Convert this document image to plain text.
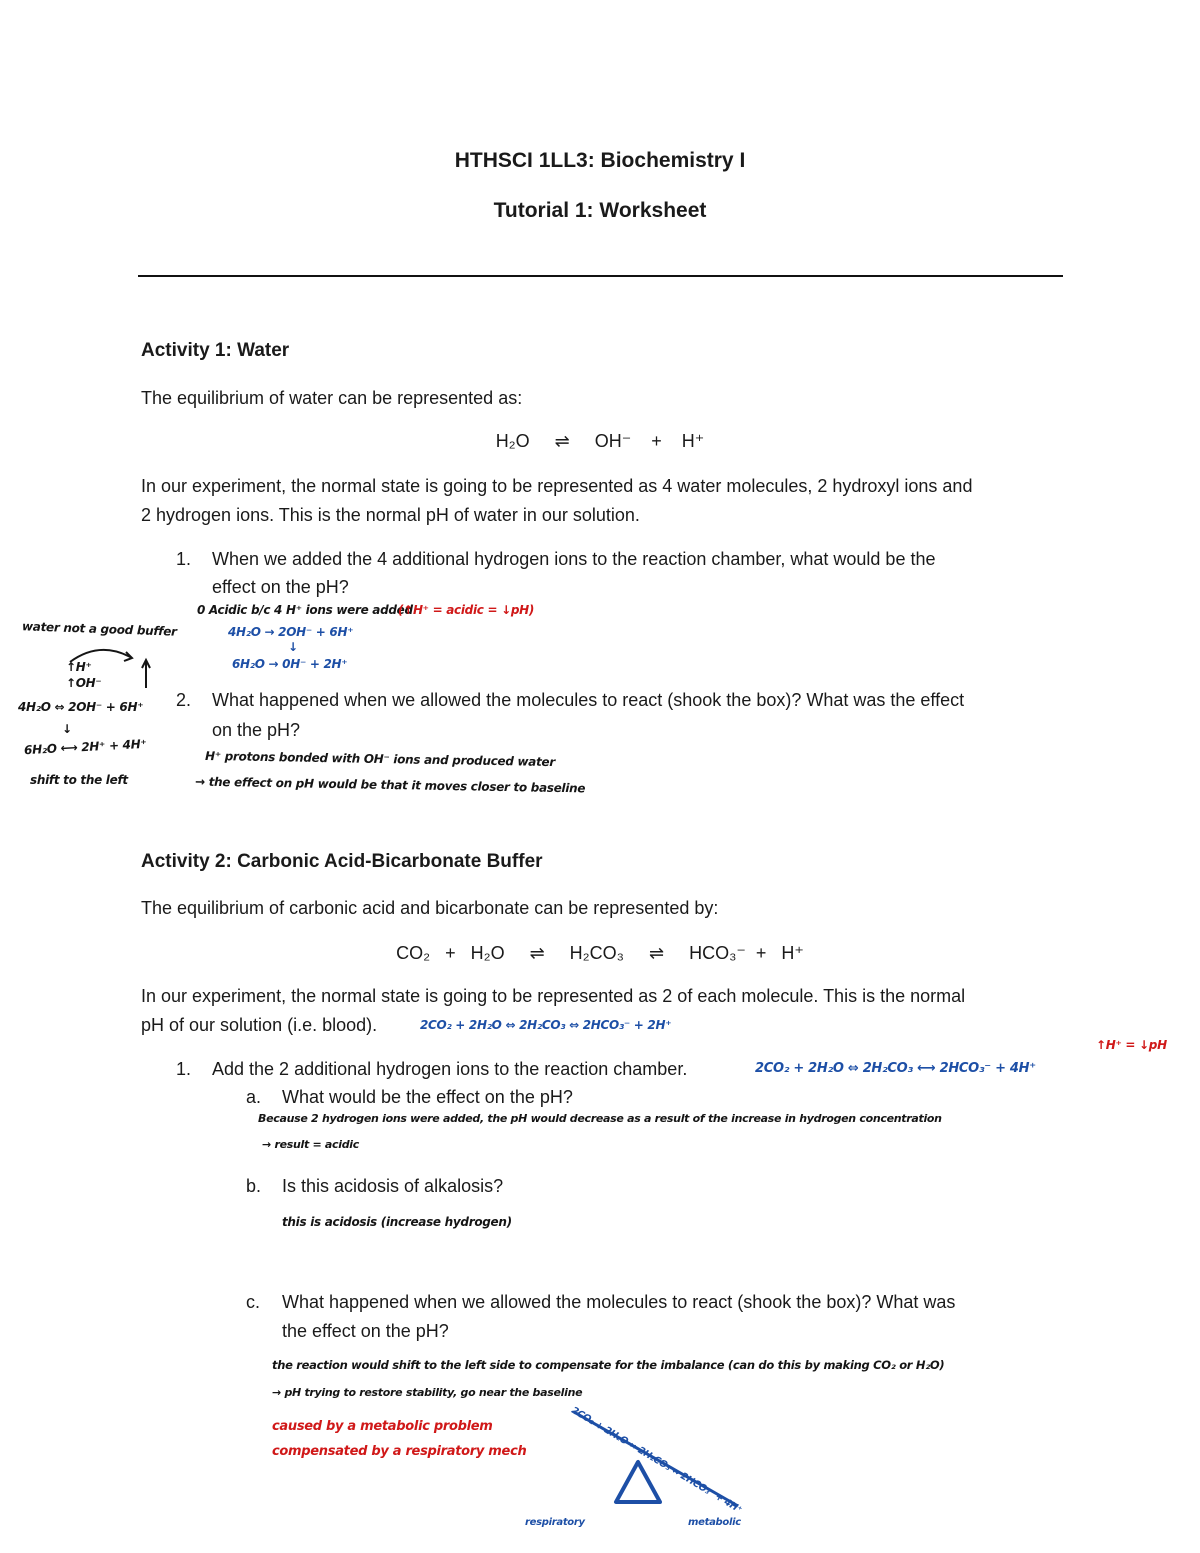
HTHSCI 1LL3: Biochemistry I
Tutorial 1: Worksheet
Activity 1: Water
The equilibrium of water can be represented as:
H₂O     ⇌     OH⁻    +    H⁺
In our experiment, the normal state is going to be represented as 4 water molecules, 2 hydroxyl ions and
2 hydrogen ions. This is the normal pH of water in our solution.
1. When we added the 4 additional hydrogen ions to the reaction chamber, what would be the
effect on the pH?
2. What happened when we allowed the molecules to react (shook the box)? What was the effect
on the pH?
0 Acidic b/c 4 H⁺ ions were added
(↑H⁺ = acidic = ↓pH)
4H₂O → 2OH⁻ + 6H⁺
↓
6H₂O → 0H⁻ + 2H⁺
H⁺ protons bonded with OH⁻ ions and produced water
→ the effect on pH would be that it moves closer to baseline
water not a good buffer
↑H⁺
↑OH⁻
4H₂O ⇔ 2OH⁻ + 6H⁺
↓
6H₂O ⟷ 2H⁺ + 4H⁺
shift to the left
Activity 2: Carbonic Acid-Bicarbonate Buffer
The equilibrium of carbonic acid and bicarbonate can be represented by:
CO₂   +   H₂O     ⇌     H₂CO₃     ⇌     HCO₃⁻  +   H⁺
In our experiment, the normal state is going to be represented as 2 of each molecule. This is the normal
pH of our solution (i.e. blood).	2CO₂ + 2H₂O ⇔ 2H₂CO₃ ⇔ 2HCO₃⁻ + 2H⁺
1. Add the 2 additional hydrogen ions to the reaction chamber.	2CO₂ + 2H₂O ⇔ 2H₂CO₃ ⟷ 2HCO₃⁻ + 4H⁺
↑H⁺ = ↓pH
a. What would be the effect on the pH?
Because 2 hydrogen ions were added, the pH would decrease as a result of the increase in hydrogen concentration
→ result = acidic
b. Is this acidosis of alkalosis?
this is acidosis (increase hydrogen)
c. What happened when we allowed the molecules to react (shook the box)? What was
the effect on the pH?
the reaction would shift to the left side to compensate for the imbalance (can do this by making CO₂ or H₂O)
→ pH trying to restore stability, go near the baseline
caused by a metabolic problem
compensated by a respiratory mech	2CO₂ + 2H₂O ⇔ 2H₂CO₃ ⇔ 2HCO₃⁻ + 4H⁺
respiratory	metabolic
